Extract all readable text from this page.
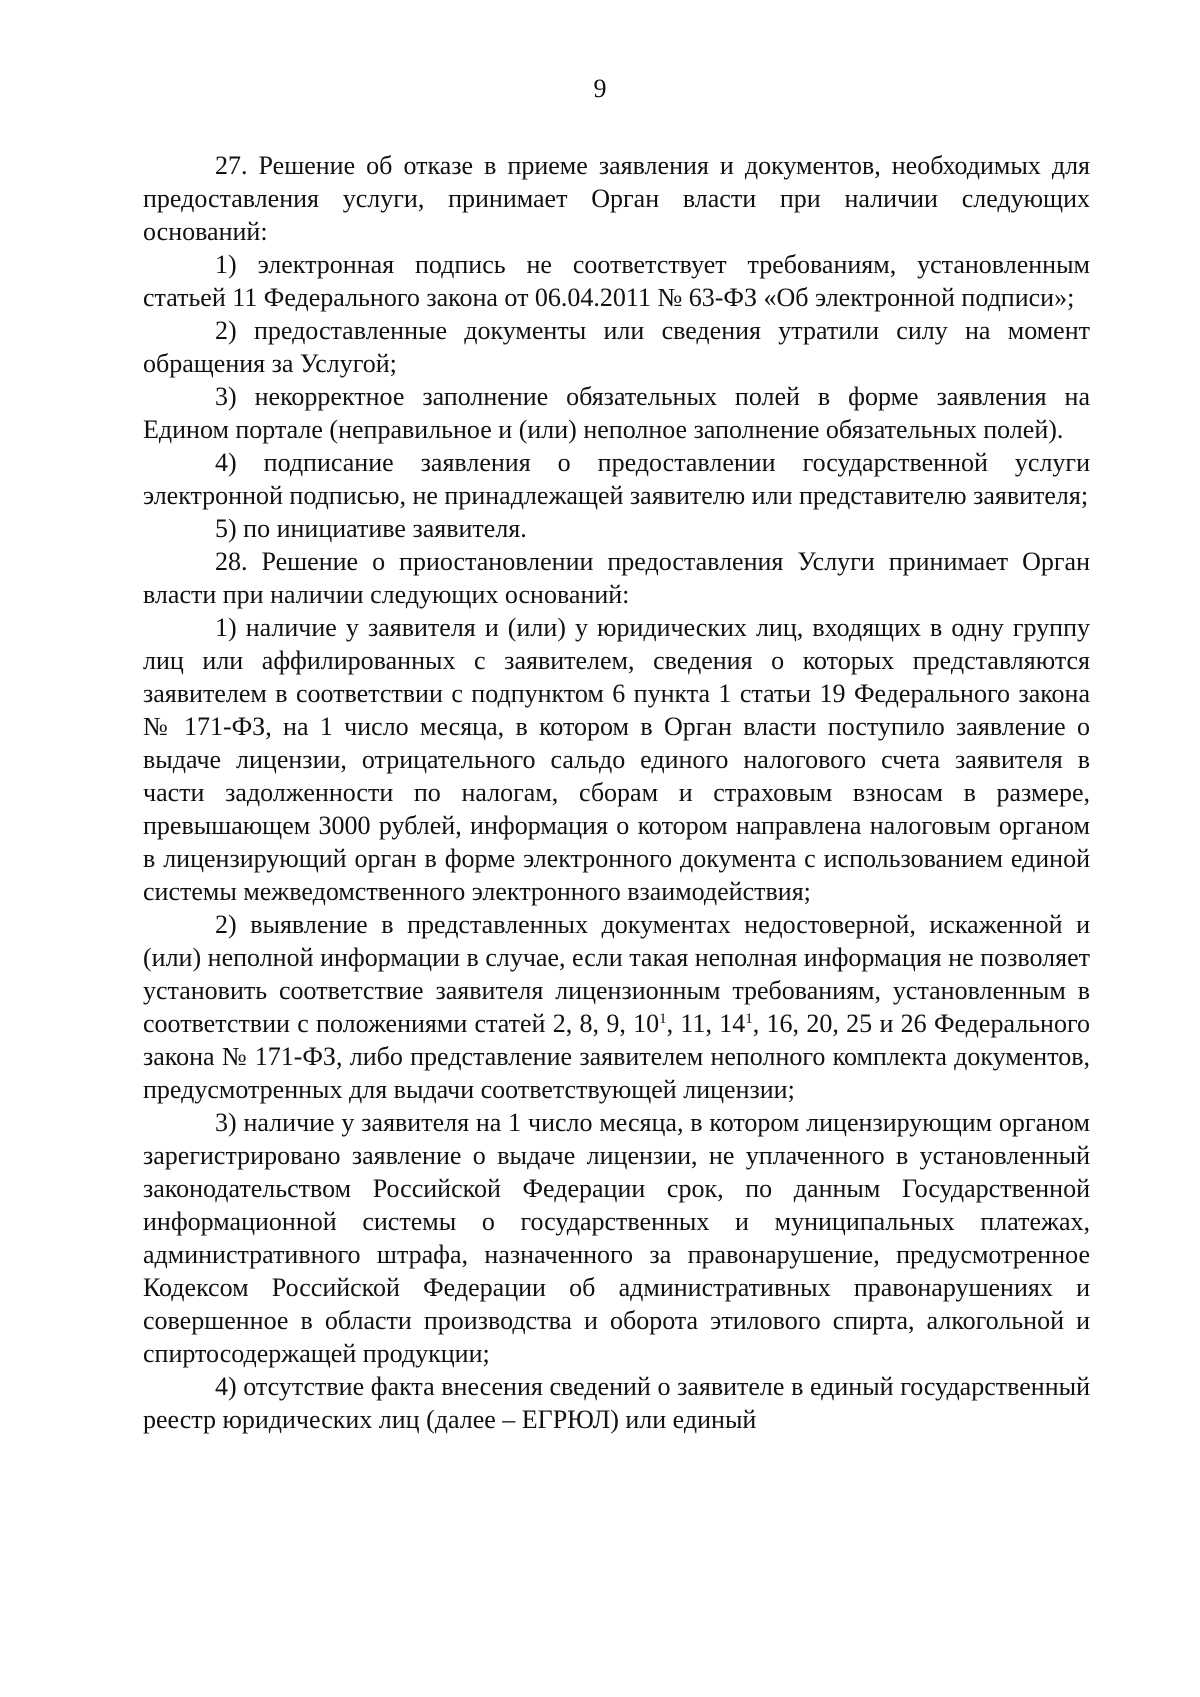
9

27. Решение об отказе в приеме заявления и документов, необходимых для предоставления услуги, принимает Орган власти при наличии следующих оснований:

1) электронная подпись не соответствует требованиям, установленным статьей 11 Федерального закона от 06.04.2011 № 63-ФЗ «Об электронной подписи»;

2) предоставленные документы или сведения утратили силу на момент обращения за Услугой;

3) некорректное заполнение обязательных полей в форме заявления на Едином портале (неправильное и (или) неполное заполнение обязательных полей).

4) подписание заявления о предоставлении государственной услуги электронной подписью, не принадлежащей заявителю или представителю заявителя;

5) по инициативе заявителя.

28. Решение о приостановлении предоставления Услуги принимает Орган власти при наличии следующих оснований:

1) наличие у заявителя и (или) у юридических лиц, входящих в одну группу лиц или аффилированных с заявителем, сведения о которых представляются заявителем в соответствии с подпунктом 6 пункта 1 статьи 19 Федерального закона № 171-ФЗ, на 1 число месяца, в котором в Орган власти поступило заявление о выдаче лицензии, отрицательного сальдо единого налогового счета заявителя в части задолженности по налогам, сборам и страховым взносам в размере, превышающем 3000 рублей, информация о котором направлена налоговым органом в лицензирующий орган в форме электронного документа с использованием единой системы межведомственного электронного взаимодействия;

2) выявление в представленных документах недостоверной, искаженной и (или) неполной информации в случае, если такая неполная информация не позволяет установить соответствие заявителя лицензионным требованиям, установленным в соответствии с положениями статей 2, 8, 9, $10^1$, 11, $14^1$, 16, 20, 25 и 26 Федерального закона № 171-ФЗ, либо представление заявителем неполного комплекта документов, предусмотренных для выдачи соответствующей лицензии;

3) наличие у заявителя на 1 число месяца, в котором лицензирующим органом зарегистрировано заявление о выдаче лицензии, не уплаченного в установленный законодательством Российской Федерации срок, по данным Государственной информационной системы о государственных и муниципальных платежах, административного штрафа, назначенного за правонарушение, предусмотренное Кодексом Российской Федерации об административных правонарушениях и совершенное в области производства и оборота этилового спирта, алкогольной и спиртосодержащей продукции;

4) отсутствие факта внесения сведений о заявителе в единый государственный реестр юридических лиц (далее – ЕГРЮЛ) или единый
